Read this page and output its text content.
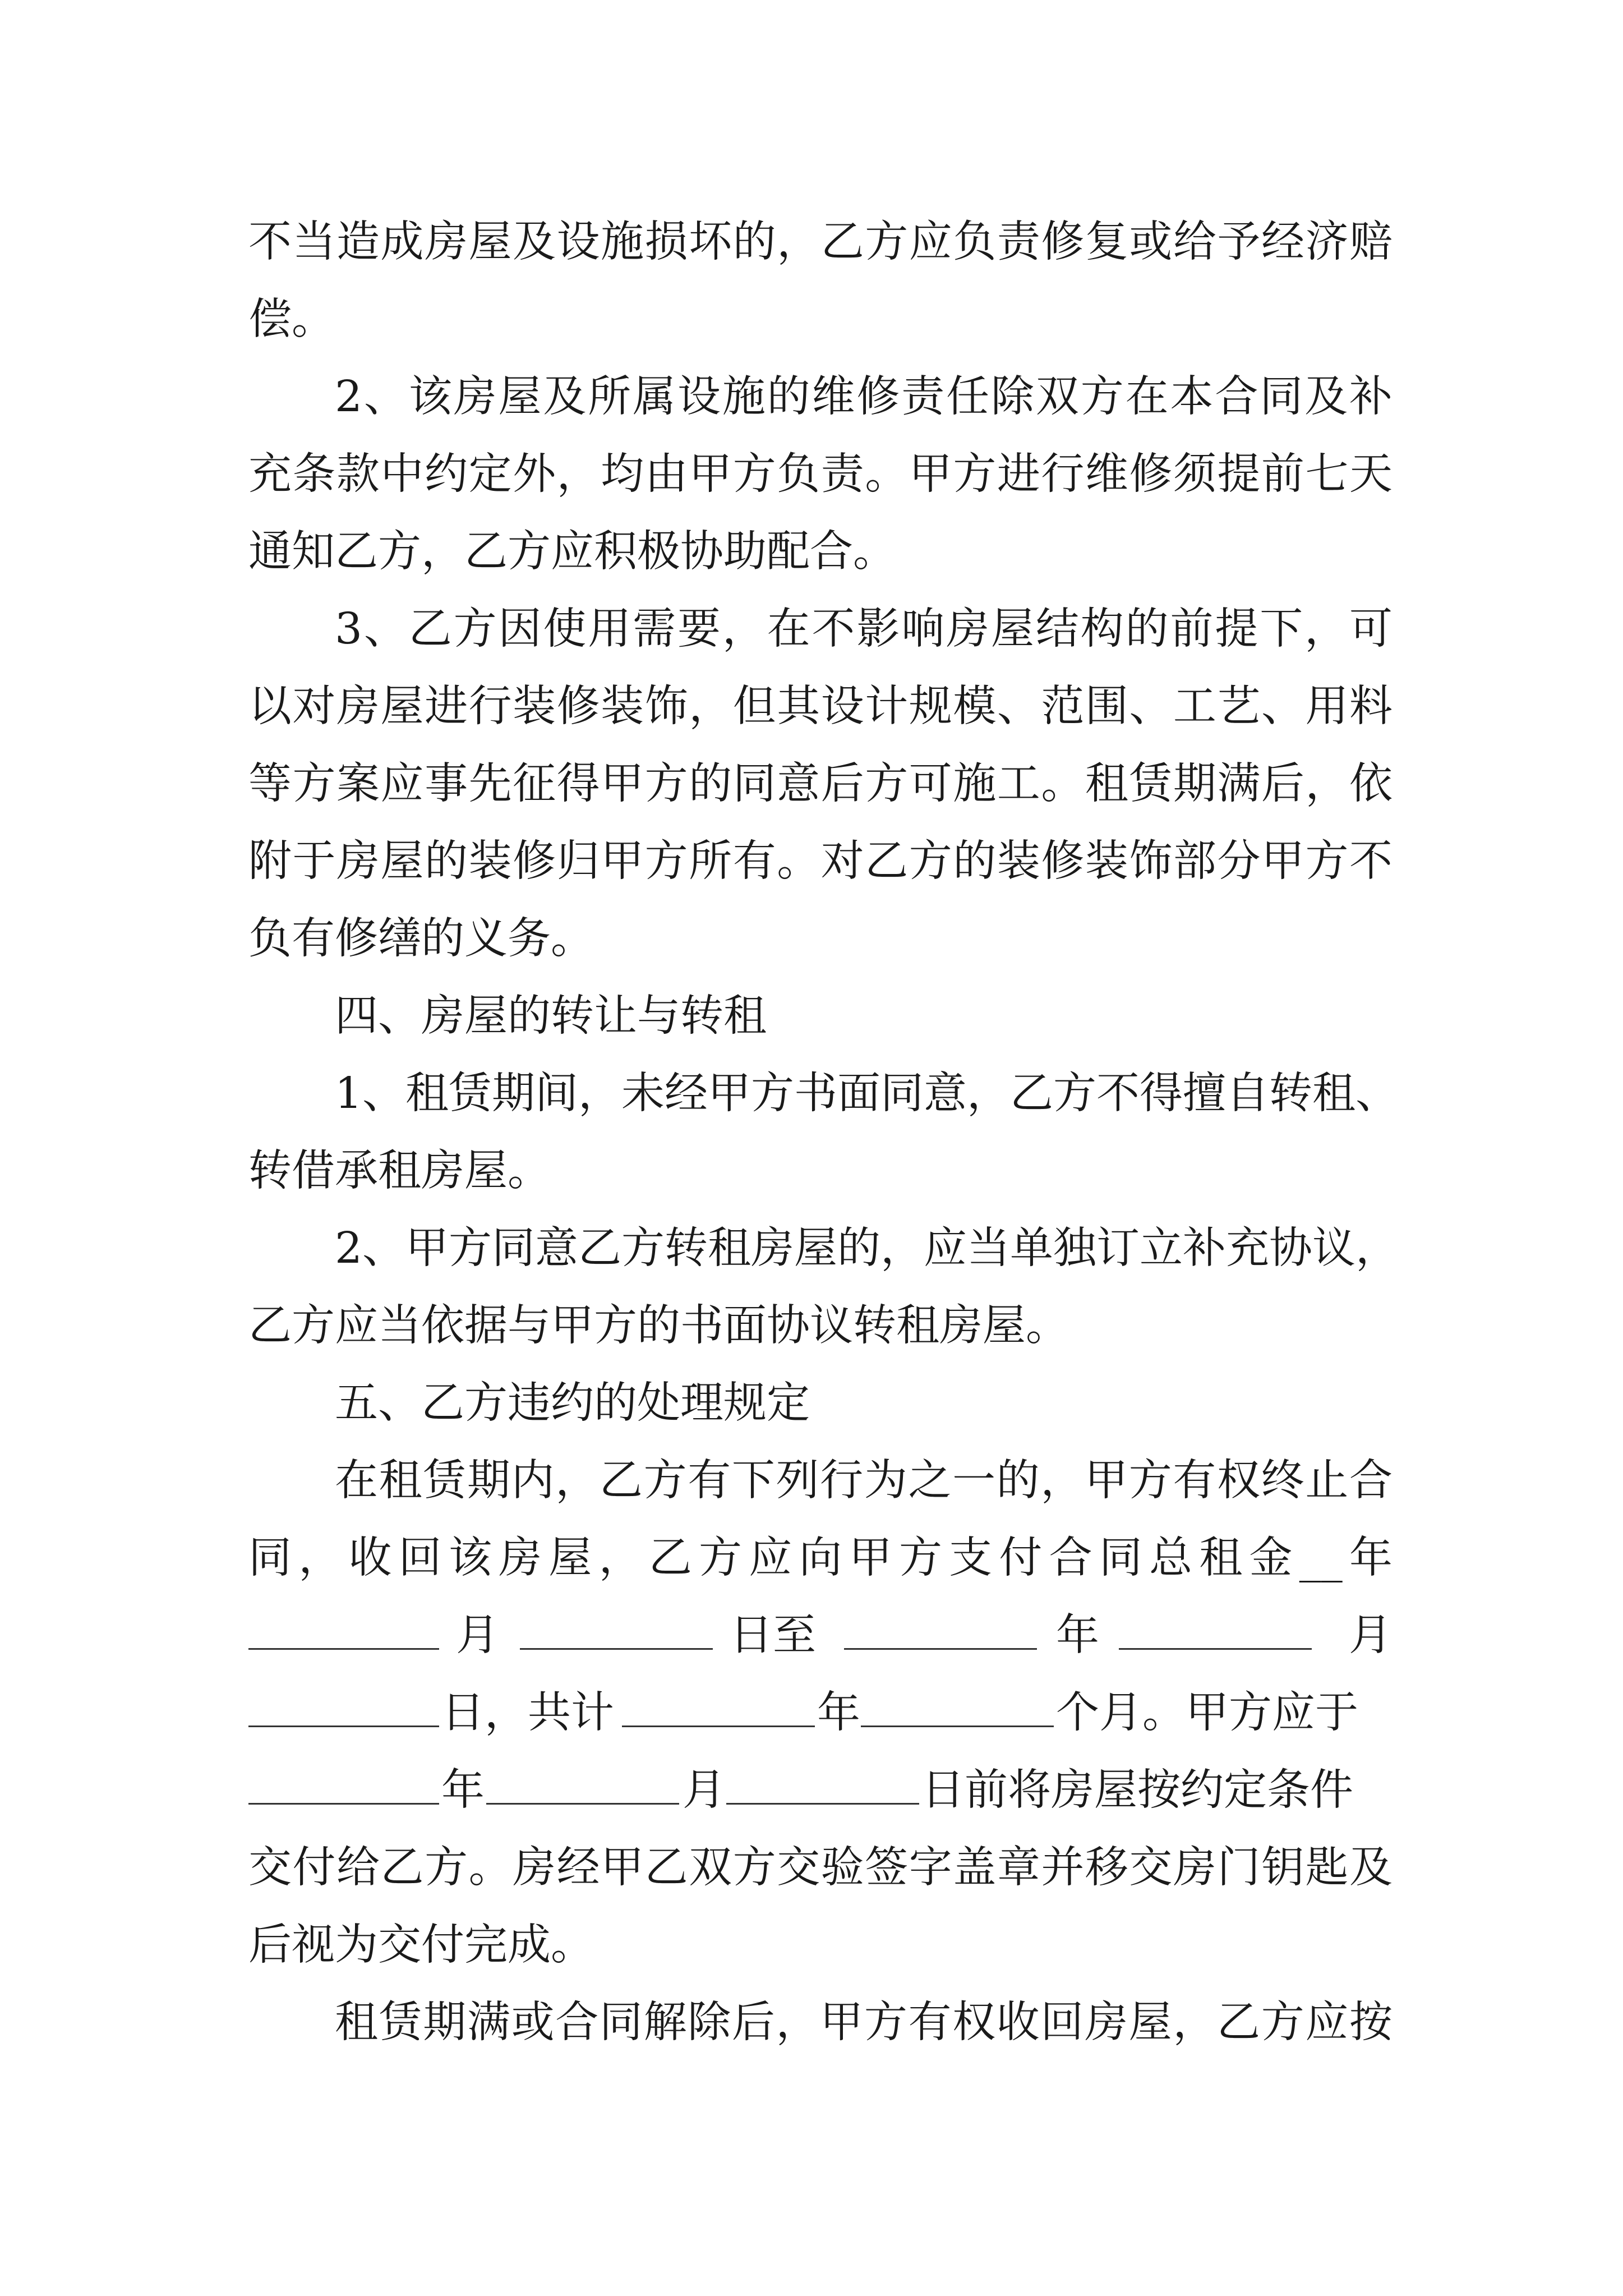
不当造成房屋及设施损坏的，乙方应负责修复或给予经济赔
偿。
2、该房屋及所属设施的维修责任除双方在本合同及补
充条款中约定外，均由甲方负责。甲方进行维修须提前七天
通知乙方，乙方应积极协助配合。
3、乙方因使用需要，在不影响房屋结构的前提下，可
以对房屋进行装修装饰，但其设计规模、范围、工艺、用料
等方案应事先征得甲方的同意后方可施工。租赁期满后，依
附于房屋的装修归甲方所有。对乙方的装修装饰部分甲方不
负有修缮的义务。
四、房屋的转让与转租
1、租赁期间，未经甲方书面同意，乙方不得擅自转租、
转借承租房屋。
2、甲方同意乙方转租房屋的，应当单独订立补充协议，
乙方应当依据与甲方的书面协议转租房屋。
五、乙方违约的处理规定
在租赁期内，乙方有下列行为之一的，甲方有权终止合
同，收回该房屋，乙方应向甲方支付合同总租金__年
月	日至	年	月
日，共计	年	个月。甲方应于
年	月	日前将房屋按约定条件
交付给乙方。房经甲乙双方交验签字盖章并移交房门钥匙及
后视为交付完成。
租赁期满或合同解除后，甲方有权收回房屋，乙方应按
